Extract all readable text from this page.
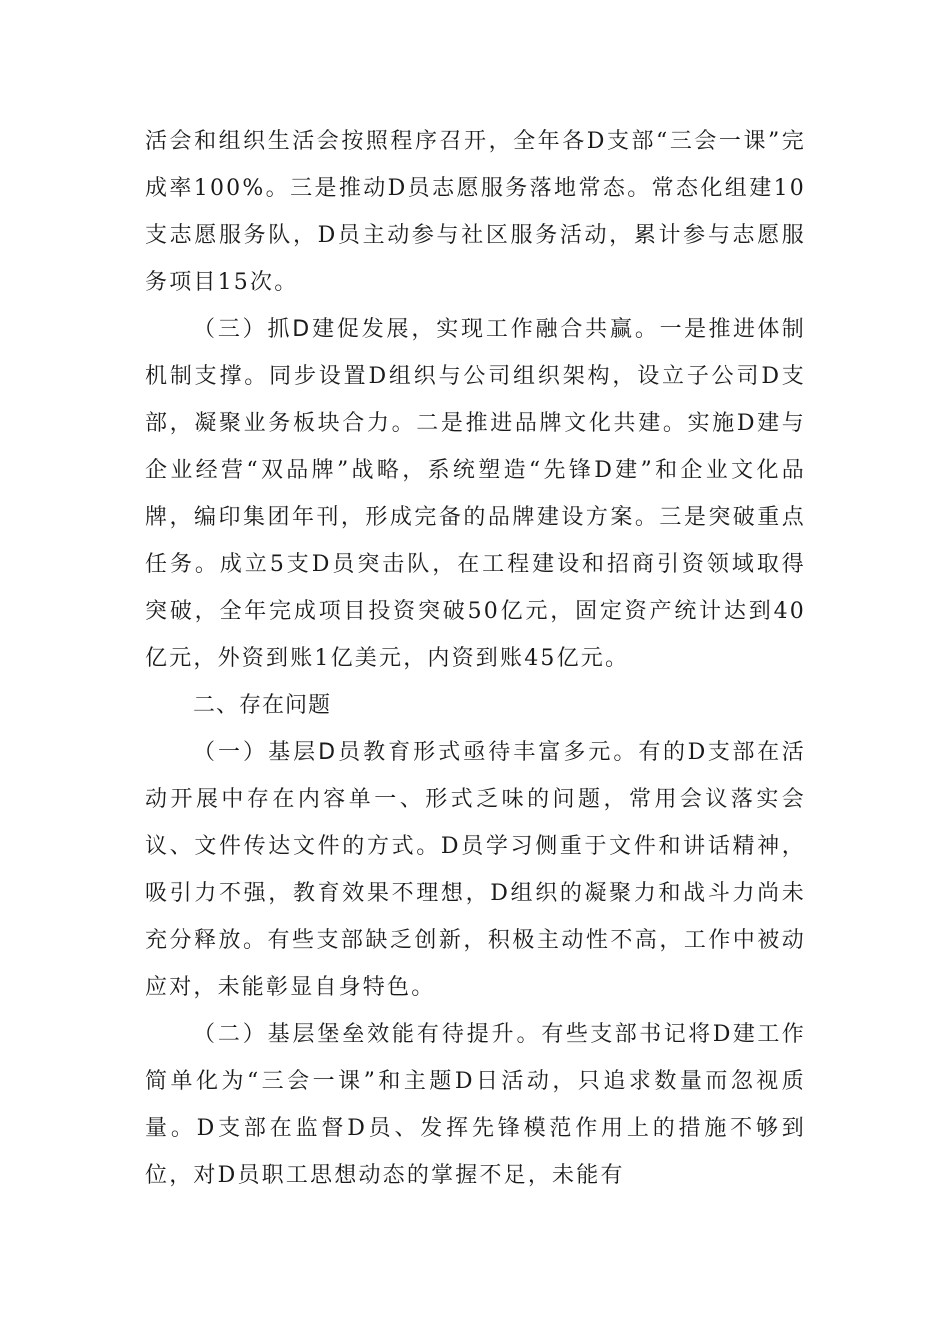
活会和组织生活会按照程序召开，全年各D支部“三会一课”完成率100%。三是推动D员志愿服务落地常态。常态化组建10支志愿服务队，D员主动参与社区服务活动，累计参与志愿服务项目15次。

（三）抓D建促发展，实现工作融合共赢。一是推进体制机制支撑。同步设置D组织与公司组织架构，设立子公司D支部，凝聚业务板块合力。二是推进品牌文化共建。实施D建与企业经营“双品牌”战略，系统塑造“先锋D建”和企业文化品牌，编印集团年刊，形成完备的品牌建设方案。三是突破重点任务。成立5支D员突击队，在工程建设和招商引资领域取得突破，全年完成项目投资突破50亿元，固定资产统计达到40亿元，外资到账1亿美元，内资到账45亿元。

二、存在问题

（一）基层D员教育形式亟待丰富多元。有的D支部在活动开展中存在内容单一、形式乏味的问题，常用会议落实会议、文件传达文件的方式。D员学习侧重于文件和讲话精神，吸引力不强，教育效果不理想，D组织的凝聚力和战斗力尚未充分释放。有些支部缺乏创新，积极主动性不高，工作中被动应对，未能彰显自身特色。

（二）基层堡垒效能有待提升。有些支部书记将D建工作简单化为“三会一课”和主题D日活动，只追求数量而忽视质量。D支部在监督D员、发挥先锋模范作用上的措施不够到位，对D员职工思想动态的掌握不足，未能有
